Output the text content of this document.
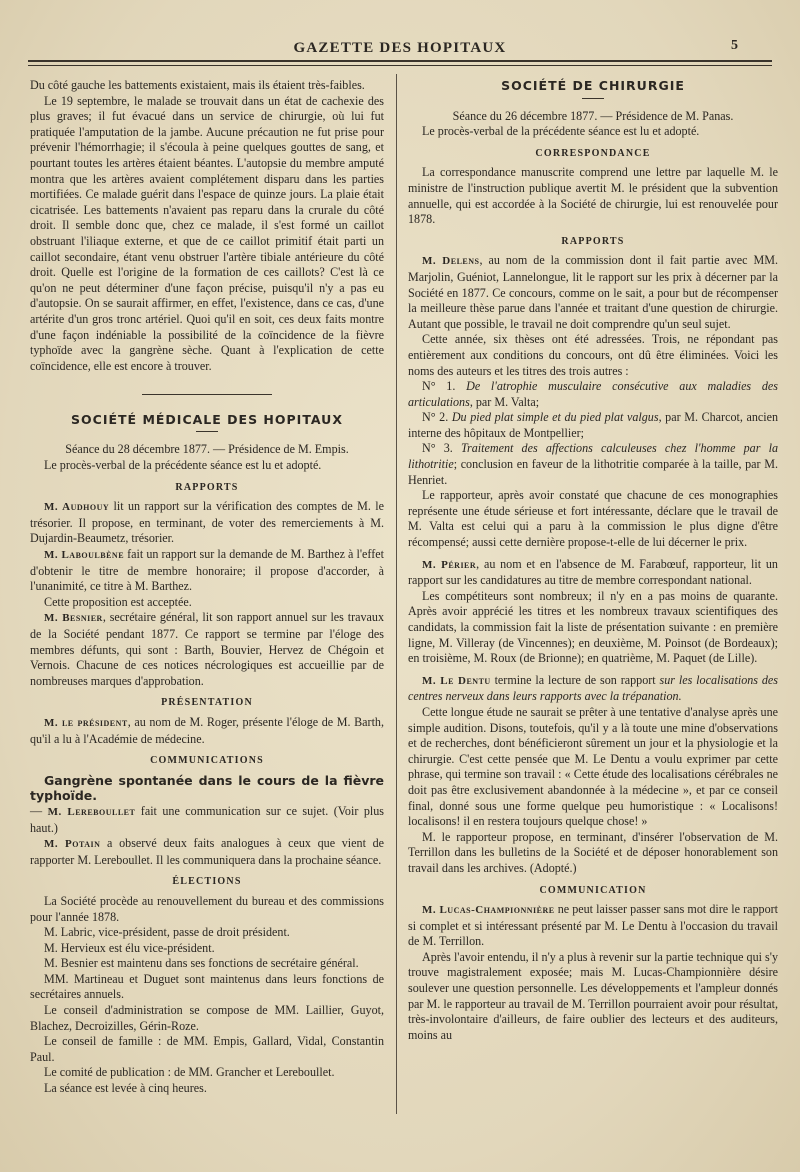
GAZETTE DES HOPITAUX	5

Du côté gauche les battements existaient, mais ils étaient très-faibles.

Le 19 septembre, le malade se trouvait dans un état de cachexie des plus graves; il fut évacué dans un service de chirurgie, où lui fut pratiquée l'amputation de la jambe. Aucune précaution ne fut prise pour prévenir l'hémorrhagie; il s'écoula à peine quelques gouttes de sang, et pourtant toutes les artères étaient béantes. L'autopsie du membre amputé montra que les artères avaient complétement disparu dans les parties mortifiées. Ce malade guérit dans l'espace de quinze jours. La plaie était cicatrisée. Les battements n'avaient pas reparu dans la crurale du côté droit. Il semble donc que, chez ce malade, il s'est formé un caillot obstruant l'iliaque externe, et que de ce caillot primitif était parti un caillot secondaire, étant venu obstruer l'artère tibiale antérieure du côté droit. Quelle est l'origine de la formation de ces caillots? C'est là ce qu'on ne peut déterminer d'une façon précise, puisqu'il n'y a pas eu d'autopsie. On se saurait affirmer, en effet, l'existence, dans ce cas, d'une artérite d'un gros tronc artériel. Quoi qu'il en soit, ces deux faits montre d'une façon indéniable la possibilité de la coïncidence de la fièvre typhoïde avec la gangrène sèche. Quant à l'explication de cette coïncidence, elle est encore à trouver.

SOCIÉTÉ MÉDICALE DES HOPITAUX

Séance du 28 décembre 1877. — Présidence de M. Empis.

Le procès-verbal de la précédente séance est lu et adopté.

RAPPORTS

M. Audhouy lit un rapport sur la vérification des comptes de M. le trésorier. Il propose, en terminant, de voter des remerciements à M. Dujardin-Beaumetz, trésorier.

M. Laboulbène fait un rapport sur la demande de M. Barthez à l'effet d'obtenir le titre de membre honoraire; il propose d'accorder, à l'unanimité, ce titre à M. Barthez.

Cette proposition est acceptée.

M. Besnier, secrétaire général, lit son rapport annuel sur les travaux de la Société pendant 1877. Ce rapport se termine par l'éloge des membres défunts, qui sont : Barth, Bouvier, Hervez de Chégoin et Vernois. Chacune de ces notices nécrologiques est accueillie par de nombreuses marques d'approbation.

PRÉSENTATION

M. le président, au nom de M. Roger, présente l'éloge de M. Barth, qu'il a lu à l'Académie de médecine.

COMMUNICATIONS

Gangrène spontanée dans le cours de la fièvre typhoïde.

— M. Lereboullet fait une communication sur ce sujet. (Voir plus haut.)

M. Potain a observé deux faits analogues à ceux que vient de rapporter M. Lereboullet. Il les communiquera dans la prochaine séance.

ÉLECTIONS

La Société procède au renouvellement du bureau et des commissions pour l'année 1878.

M. Labric, vice-président, passe de droit président.

M. Hervieux est élu vice-président.

M. Besnier est maintenu dans ses fonctions de secrétaire général.

MM. Martineau et Duguet sont maintenus dans leurs fonctions de secrétaires annuels.

Le conseil d'administration se compose de MM. Laillier, Guyot, Blachez, Decroizilles, Gérin-Roze.

Le conseil de famille : de MM. Empis, Gallard, Vidal, Constantin Paul.

Le comité de publication : de MM. Grancher et Lereboullet.

La séance est levée à cinq heures.

SOCIÉTÉ DE CHIRURGIE

Séance du 26 décembre 1877. — Présidence de M. Panas.

Le procès-verbal de la précédente séance est lu et adopté.

CORRESPONDANCE

La correspondance manuscrite comprend une lettre par laquelle M. le ministre de l'instruction publique avertit M. le président que la subvention annuelle, qui est accordée à la Société de chirurgie, lui est renouvelée pour 1878.

RAPPORTS

M. Delens, au nom de la commission dont il fait partie avec MM. Marjolin, Guéniot, Lannelongue, lit le rapport sur les prix à décerner par la Société en 1877. Ce concours, comme on le sait, a pour but de récompenser la meilleure thèse parue dans l'année et traitant d'une question de chirurgie. Autant que possible, le travail ne doit comprendre qu'un seul sujet.

Cette année, six thèses ont été adressées. Trois, ne répondant pas entièrement aux conditions du concours, ont dû être éliminées. Voici les noms des auteurs et les titres des trois autres :

N° 1. De l'atrophie musculaire consécutive aux maladies des articulations, par M. Valta;

N° 2. Du pied plat simple et du pied plat valgus, par M. Charcot, ancien interne des hôpitaux de Montpellier;

N° 3. Traitement des affections calculeuses chez l'homme par la lithotritie; conclusion en faveur de la lithotritie comparée à la taille, par M. Henriet.

Le rapporteur, après avoir constaté que chacune de ces monographies représente une étude sérieuse et fort intéressante, déclare que le travail de M. Valta est celui qui a paru à la commission le plus digne d'être récompensé; aussi cette dernière propose-t-elle de lui décerner le prix.

M. Périer, au nom et en l'absence de M. Farabœuf, rapporteur, lit un rapport sur les candidatures au titre de membre correspondant national.

Les compétiteurs sont nombreux; il n'y en a pas moins de quarante. Après avoir apprécié les titres et les nombreux travaux scientifiques des candidats, la commission fait la liste de présentation suivante : en première ligne, M. Villeray (de Vincennes); en deuxième, M. Poinsot (de Bordeaux); en troisième, M. Roux (de Brionne); en quatrième, M. Paquet (de Lille).

M. Le Dentu termine la lecture de son rapport sur les localisations des centres nerveux dans leurs rapports avec la trépanation.

Cette longue étude ne saurait se prêter à une tentative d'analyse après une simple audition. Disons, toutefois, qu'il y a là toute une mine d'observations et de recherches, dont bénéficieront sûrement un jour et la physiologie et la chirurgie. C'est cette pensée que M. Le Dentu a voulu exprimer par cette phrase, qui termine son travail : « Cette étude des localisations cérébrales ne doit pas être exclusivement abandonnée à la médecine », et par ce conseil final, donné sous une forme quelque peu humoristique : « Localisons! localisons! il en restera toujours quelque chose! »

M. le rapporteur propose, en terminant, d'insérer l'observation de M. Terrillon dans les bulletins de la Société et de déposer honorablement son travail dans les archives. (Adopté.)

COMMUNICATION

M. Lucas-Championnière ne peut laisser passer sans mot dire le rapport si complet et si intéressant présenté par M. Le Dentu à l'occasion du travail de M. Terrillon.

Après l'avoir entendu, il n'y a plus à revenir sur la partie technique qui s'y trouve magistralement exposée; mais M. Lucas-Championnière désire soulever une question personnelle. Les développements et l'ampleur donnés par M. le rapporteur au travail de M. Terrillon pourraient avoir pour résultat, très-involontaire d'ailleurs, de faire oublier des lecteurs et des auditeurs, moins au
